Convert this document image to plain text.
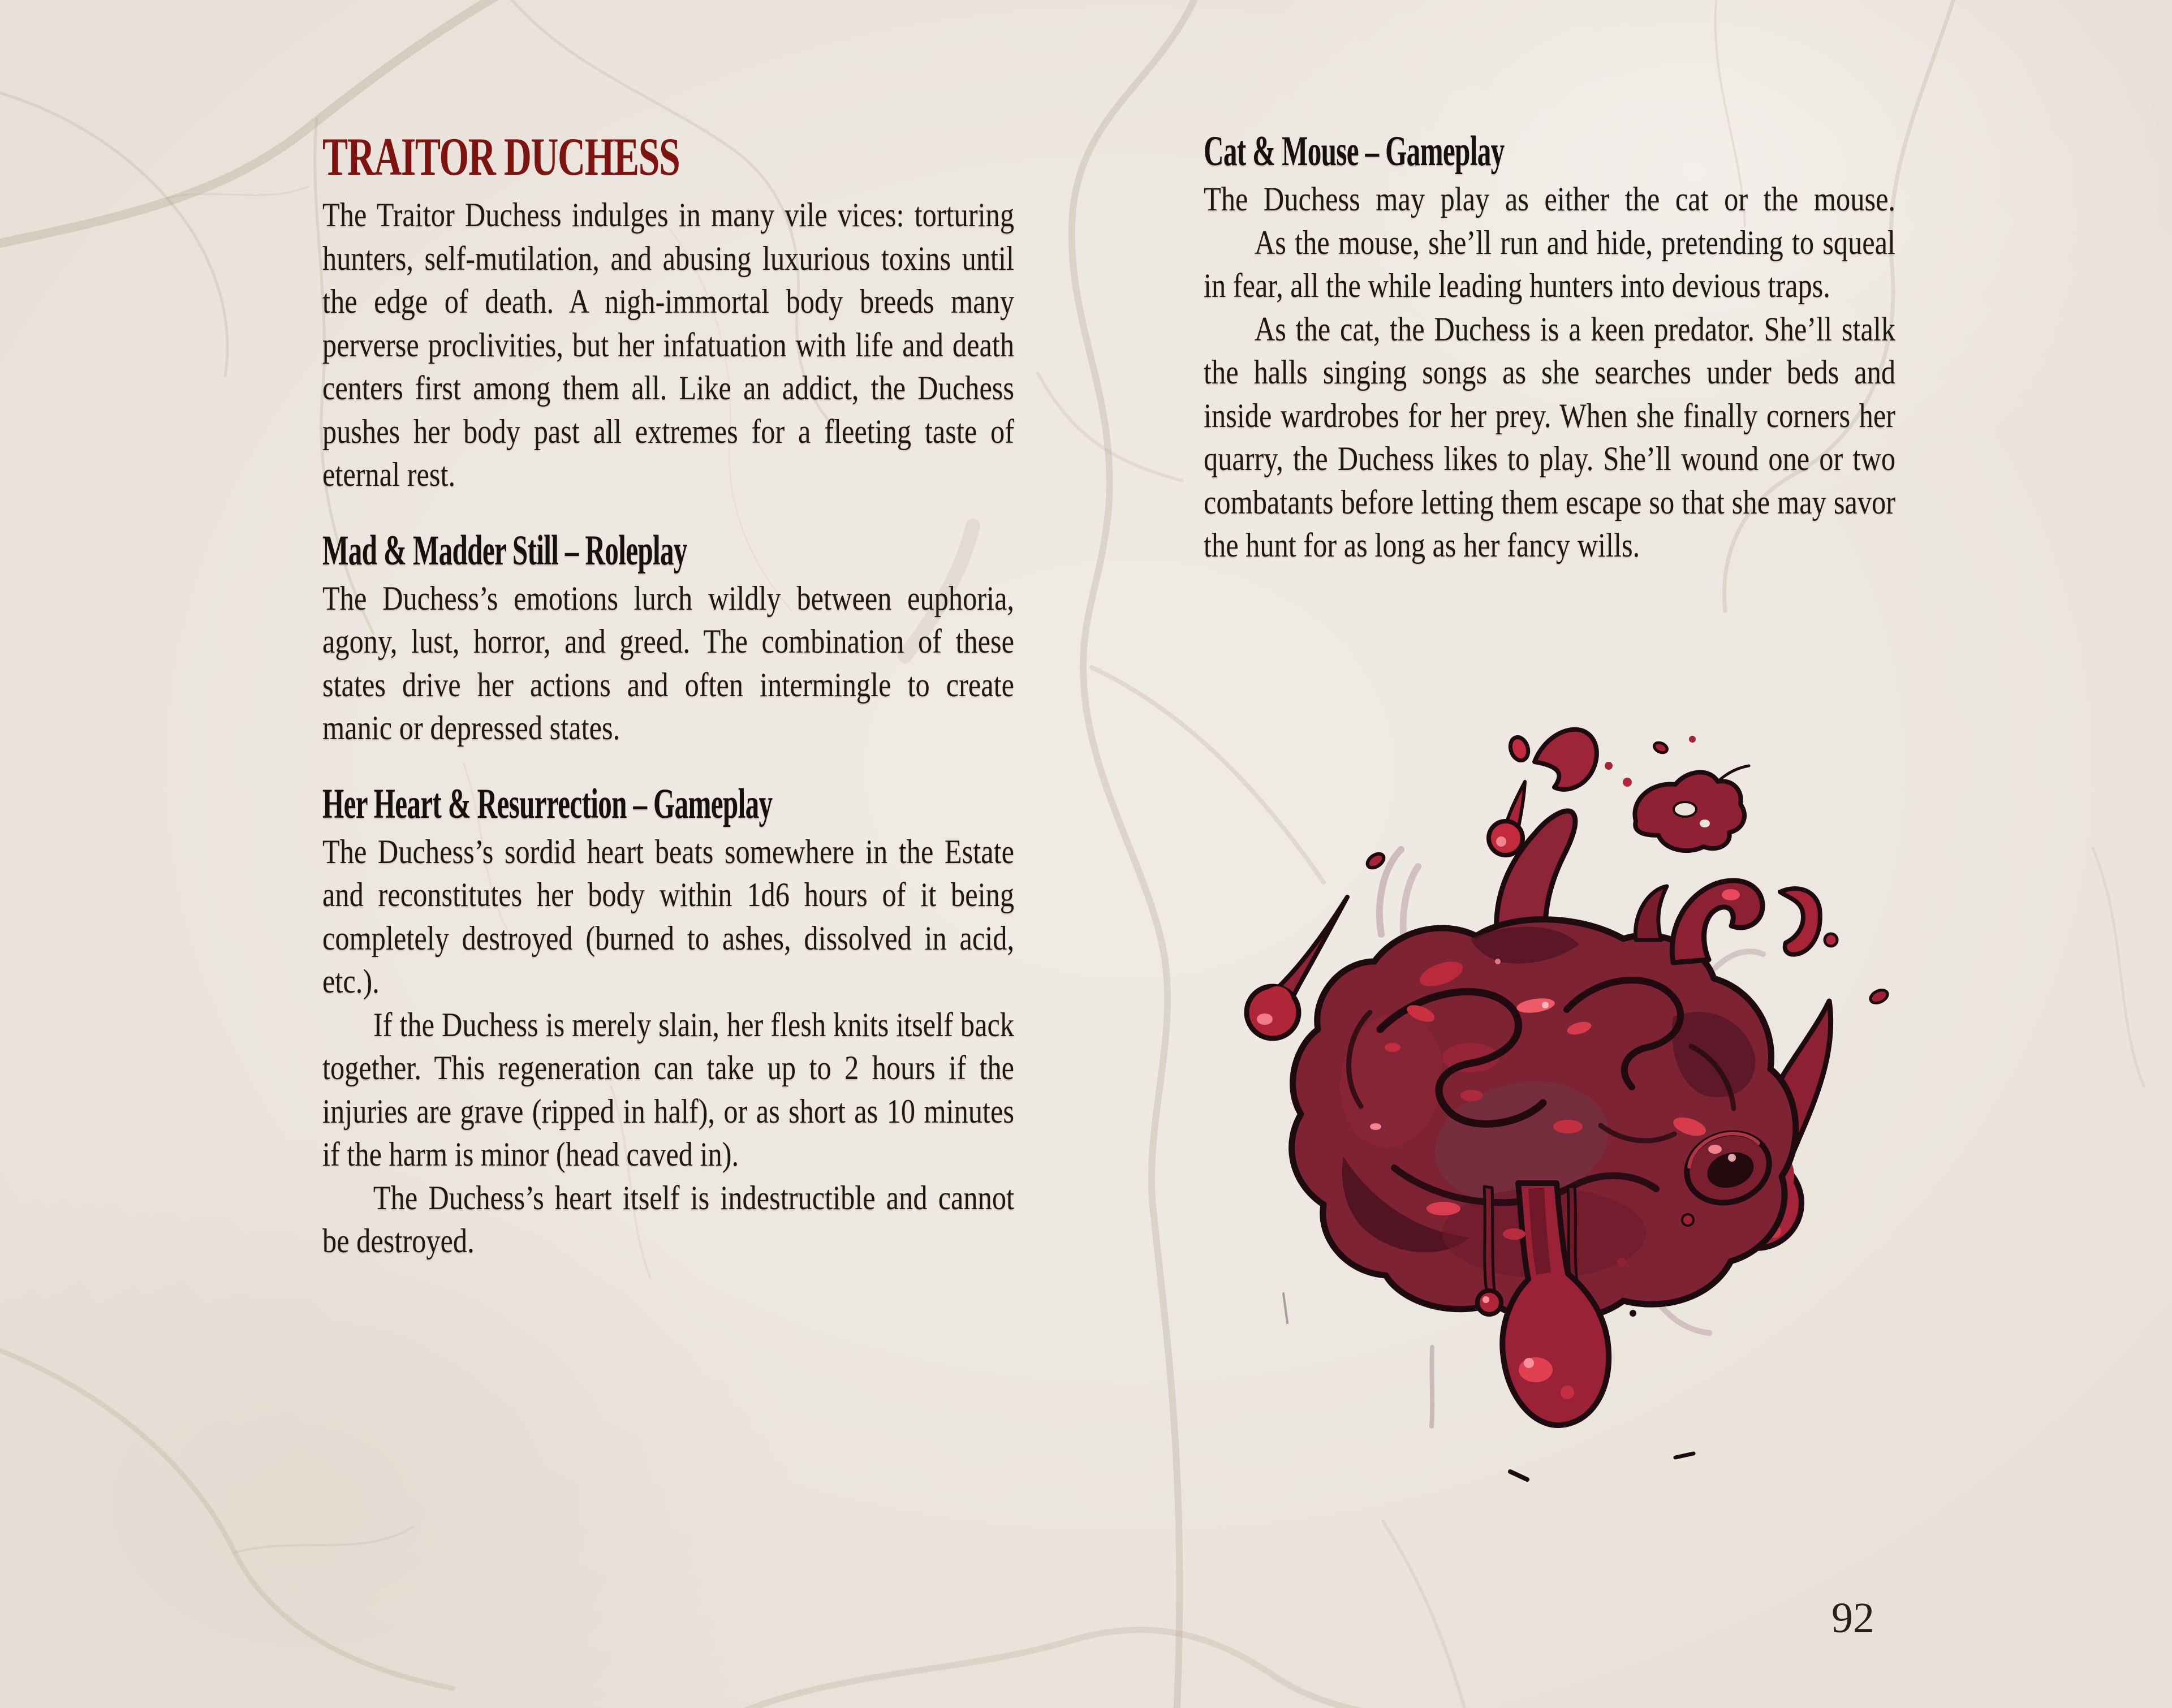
TRAITOR DUCHESS

The Traitor Duchess indulges in many vile vices: torturing hunters, self-mutilation, and abusing luxurious toxins until the edge of death. A nigh-immortal body breeds many perverse proclivities, but her infatuation with life and death centers first among them all. Like an addict, the Duchess pushes her body past all extremes for a fleeting taste of eternal rest.

Mad & Madder Still – Roleplay

The Duchess’s emotions lurch wildly between euphoria, agony, lust, horror, and greed. The combination of these states drive her actions and often intermingle to create manic or depressed states.

Her Heart & Resurrection – Gameplay

The Duchess’s sordid heart beats somewhere in the Estate and reconstitutes her body within 1d6 hours of it being completely destroyed (burned to ashes, dissolved in acid, etc.).

If the Duchess is merely slain, her flesh knits itself back together. This regeneration can take up to 2 hours if the injuries are grave (ripped in half), or as short as 10 minutes if the harm is minor (head caved in).

The Duchess’s heart itself is indestructible and cannot be destroyed.

Cat & Mouse – Gameplay

The Duchess may play as either the cat or the mouse.

As the mouse, she’ll run and hide, pretending to squeal in fear, all the while leading hunters into devious traps.

As the cat, the Duchess is a keen predator. She’ll stalk the halls singing songs as she searches under beds and inside wardrobes for her prey. When she finally corners her quarry, the Duchess likes to play. She’ll wound one or two combatants before letting them escape so that she may savor the hunt for as long as her fancy wills.

92
